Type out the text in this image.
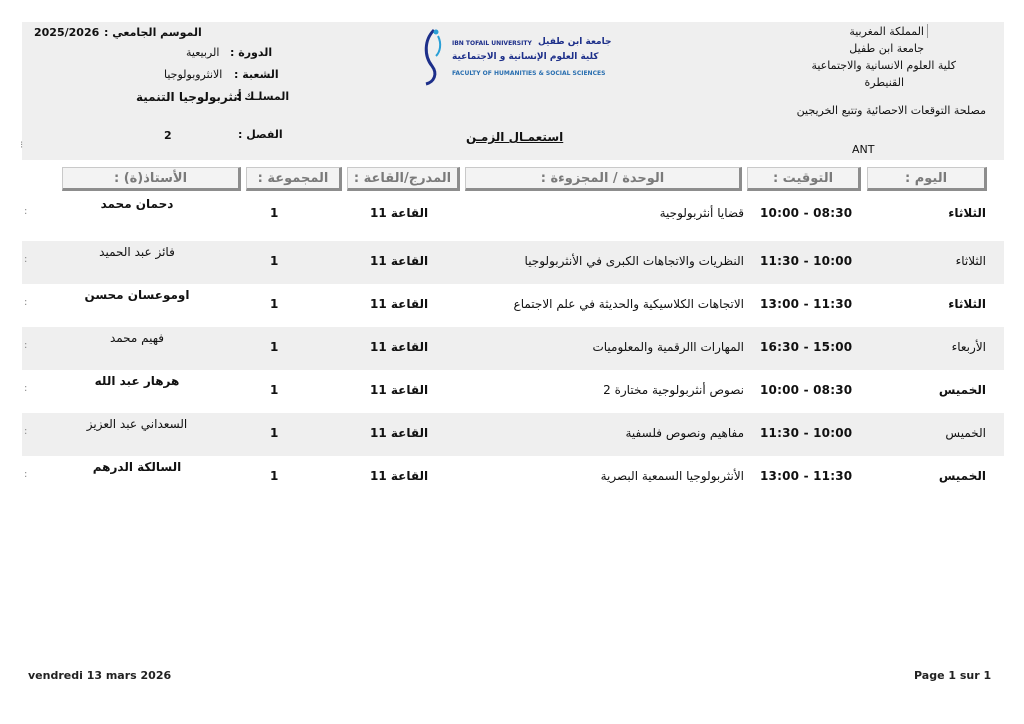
2025/2026 الموسم الجامعي :
الربيعية الدورة :
الانثروبولوجيا الشعبة :
أنثربولوجيا التنمية
المسلـك :
2	الفصل :
IBN TOFAIL UNIVERSITY جامعة ابن طفيل
كلية العلوم الإنسانية و الاجتماعية
FACULTY OF HUMANITIES & SOCIAL SCIENCES
استعمـال الزمـن
المملكة المغربية
جامعة ابن طفيل
كلية العلوم الانسانية والاجتماعية
القنيطرة
مصلحة التوقعات الاحصائية وتتبع الخريجين
ANT
⁝
اليوم :
التوقيت :
الوحدة / المجزوءة :
المدرج/القاعة :
المجموعة :
الأستاذ(ة) :
الثلاثاء
10:00 - 08:30
قضايا أنثربولوجية
القاعة 11
1
دحمان محمد
:
الثلاثاء
11:30 - 10:00
النظريات والاتجاهات الكبرى في الأنثربولوجيا
القاعة 11
1
فائز عبد الحميد
:
الثلاثاء
13:00 - 11:30
الاتجاهات الكلاسيكية والحديثة في علم الاجتماع
القاعة 11
1
اوموعسان محسن
:
الأربعاء
16:30 - 15:00
المهارات االرقمية والمعلوميات
القاعة 11
1
فهيم محمد
:
الخميس
10:00 - 08:30
نصوص أنثربولوجية مختارة 2
القاعة 11
1
هرهار عبد الله
:
الخميس
11:30 - 10:00
مفاهيم ونصوص فلسفية
القاعة 11
1
السعداني عبد العزيز
:
الخميس
13:00 - 11:30
الأنثربولوجيا السمعية البصرية
القاعة 11
1
السالكة الدرهم
:
vendredi 13 mars 2026	Page 1 sur 1
